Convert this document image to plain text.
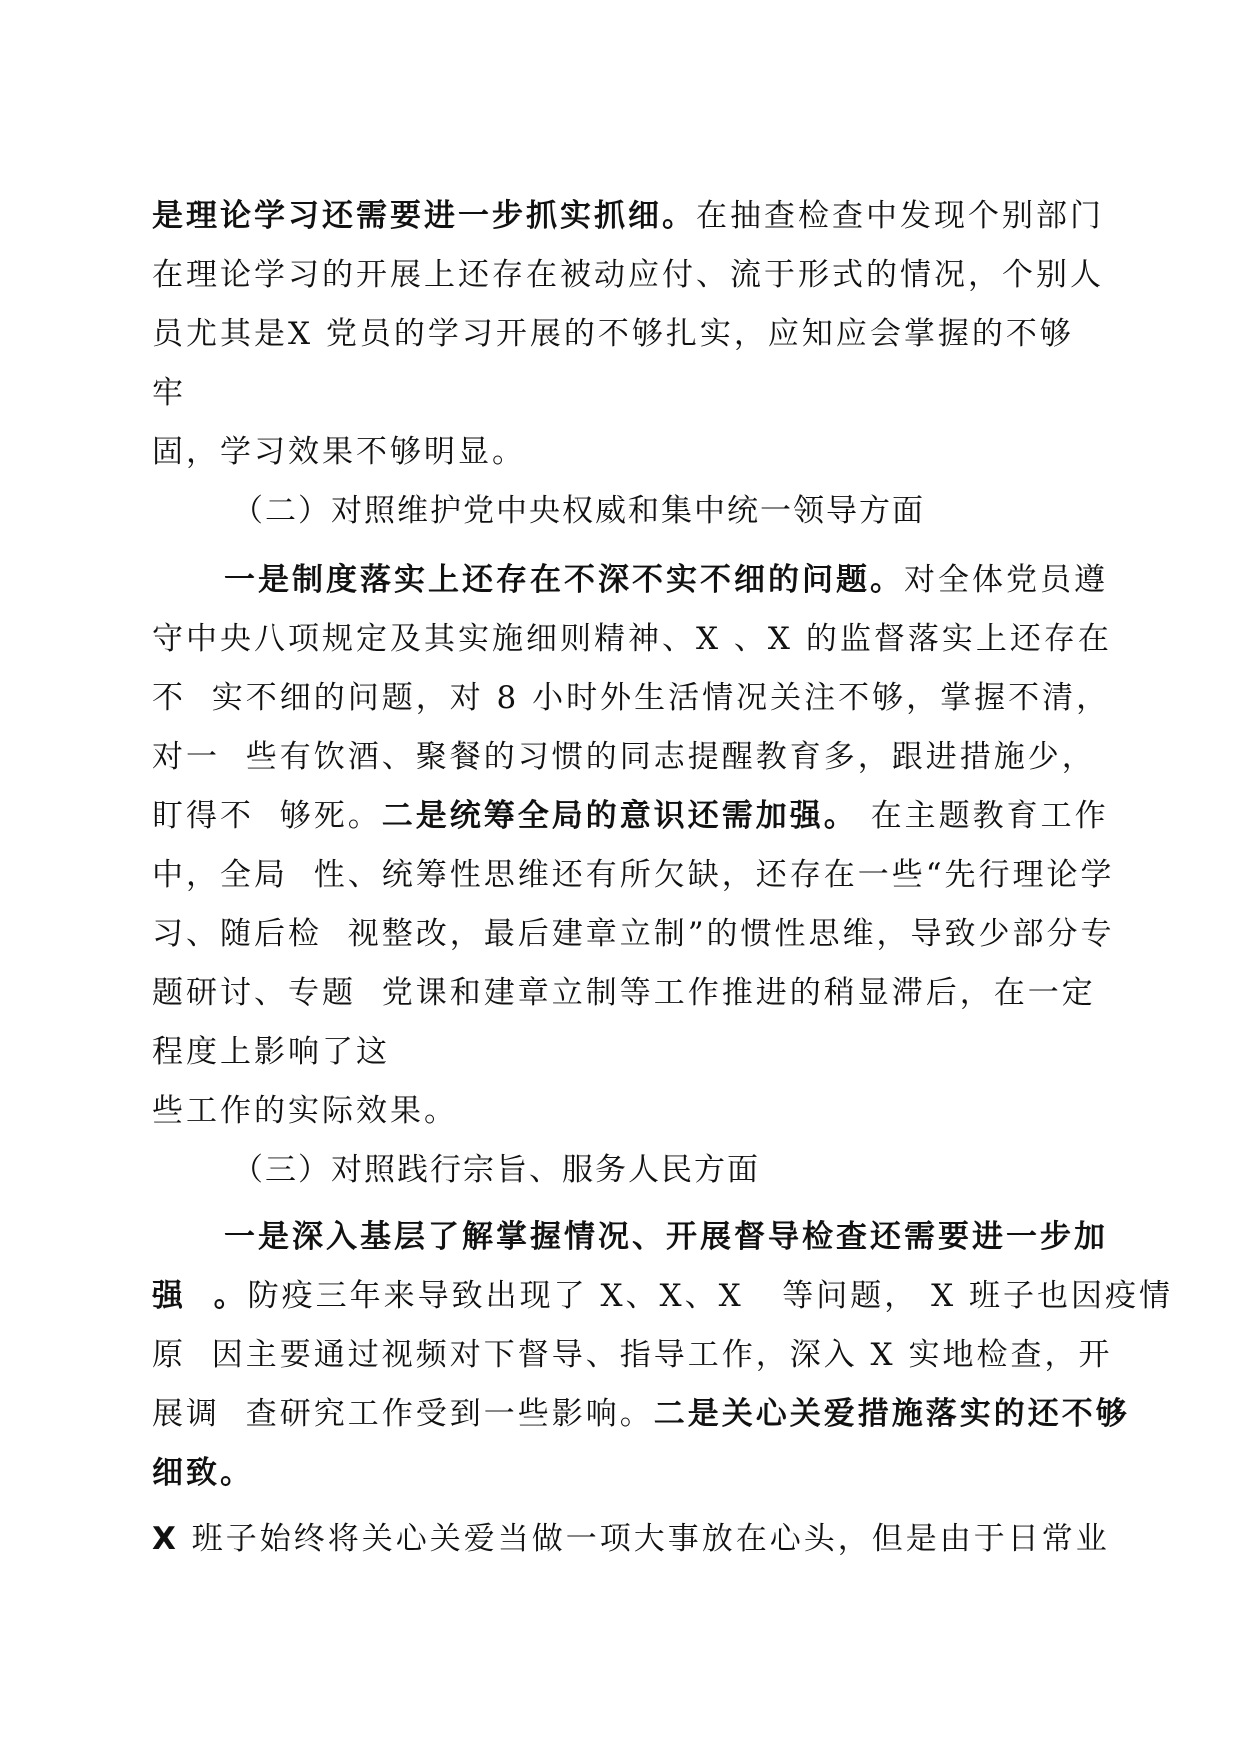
是理论学习还需要进一步抓实抓细。在抽查检查中发现个别部门
在理论学习的开展上还存在被动应付、流于形式的情况，个别人
员尤其是X 党员的学习开展的不够扎实，应知应会掌握的不够
牢
固，学习效果不够明显。
（二）对照维护党中央权威和集中统一领导方面
一是制度落实上还存在不深不实不细的问题。对全体党员遵
守中央八项规定及其实施细则精神、X 、X 的监督落实上还存在
不  实不细的问题，对 8 小时外生活情况关注不够，掌握不清，
对一  些有饮酒、聚餐的习惯的同志提醒教育多，跟进措施少，
盯得不  够死。二是统筹全局的意识还需加强。 在主题教育工作
中，全局  性、统筹性思维还有所欠缺，还存在一些“先行理论学
习、随后检  视整改，最后建章立制”的惯性思维，导致少部分专
题研讨、专题  党课和建章立制等工作推进的稍显滞后，在一定
程度上影响了这
些工作的实际效果。
（三）对照践行宗旨、服务人民方面
一是深入基层了解掌握情况、开展督导检查还需要进一步加
强  。防疫三年来导致出现了 X、X、X   等问题， X 班子也因疫情
原  因主要通过视频对下督导、指导工作，深入 X 实地检查，开
展调  查研究工作受到一些影响。二是关心关爱措施落实的还不够
细致。
X 班子始终将关心关爱当做一项大事放在心头，但是由于日常业
